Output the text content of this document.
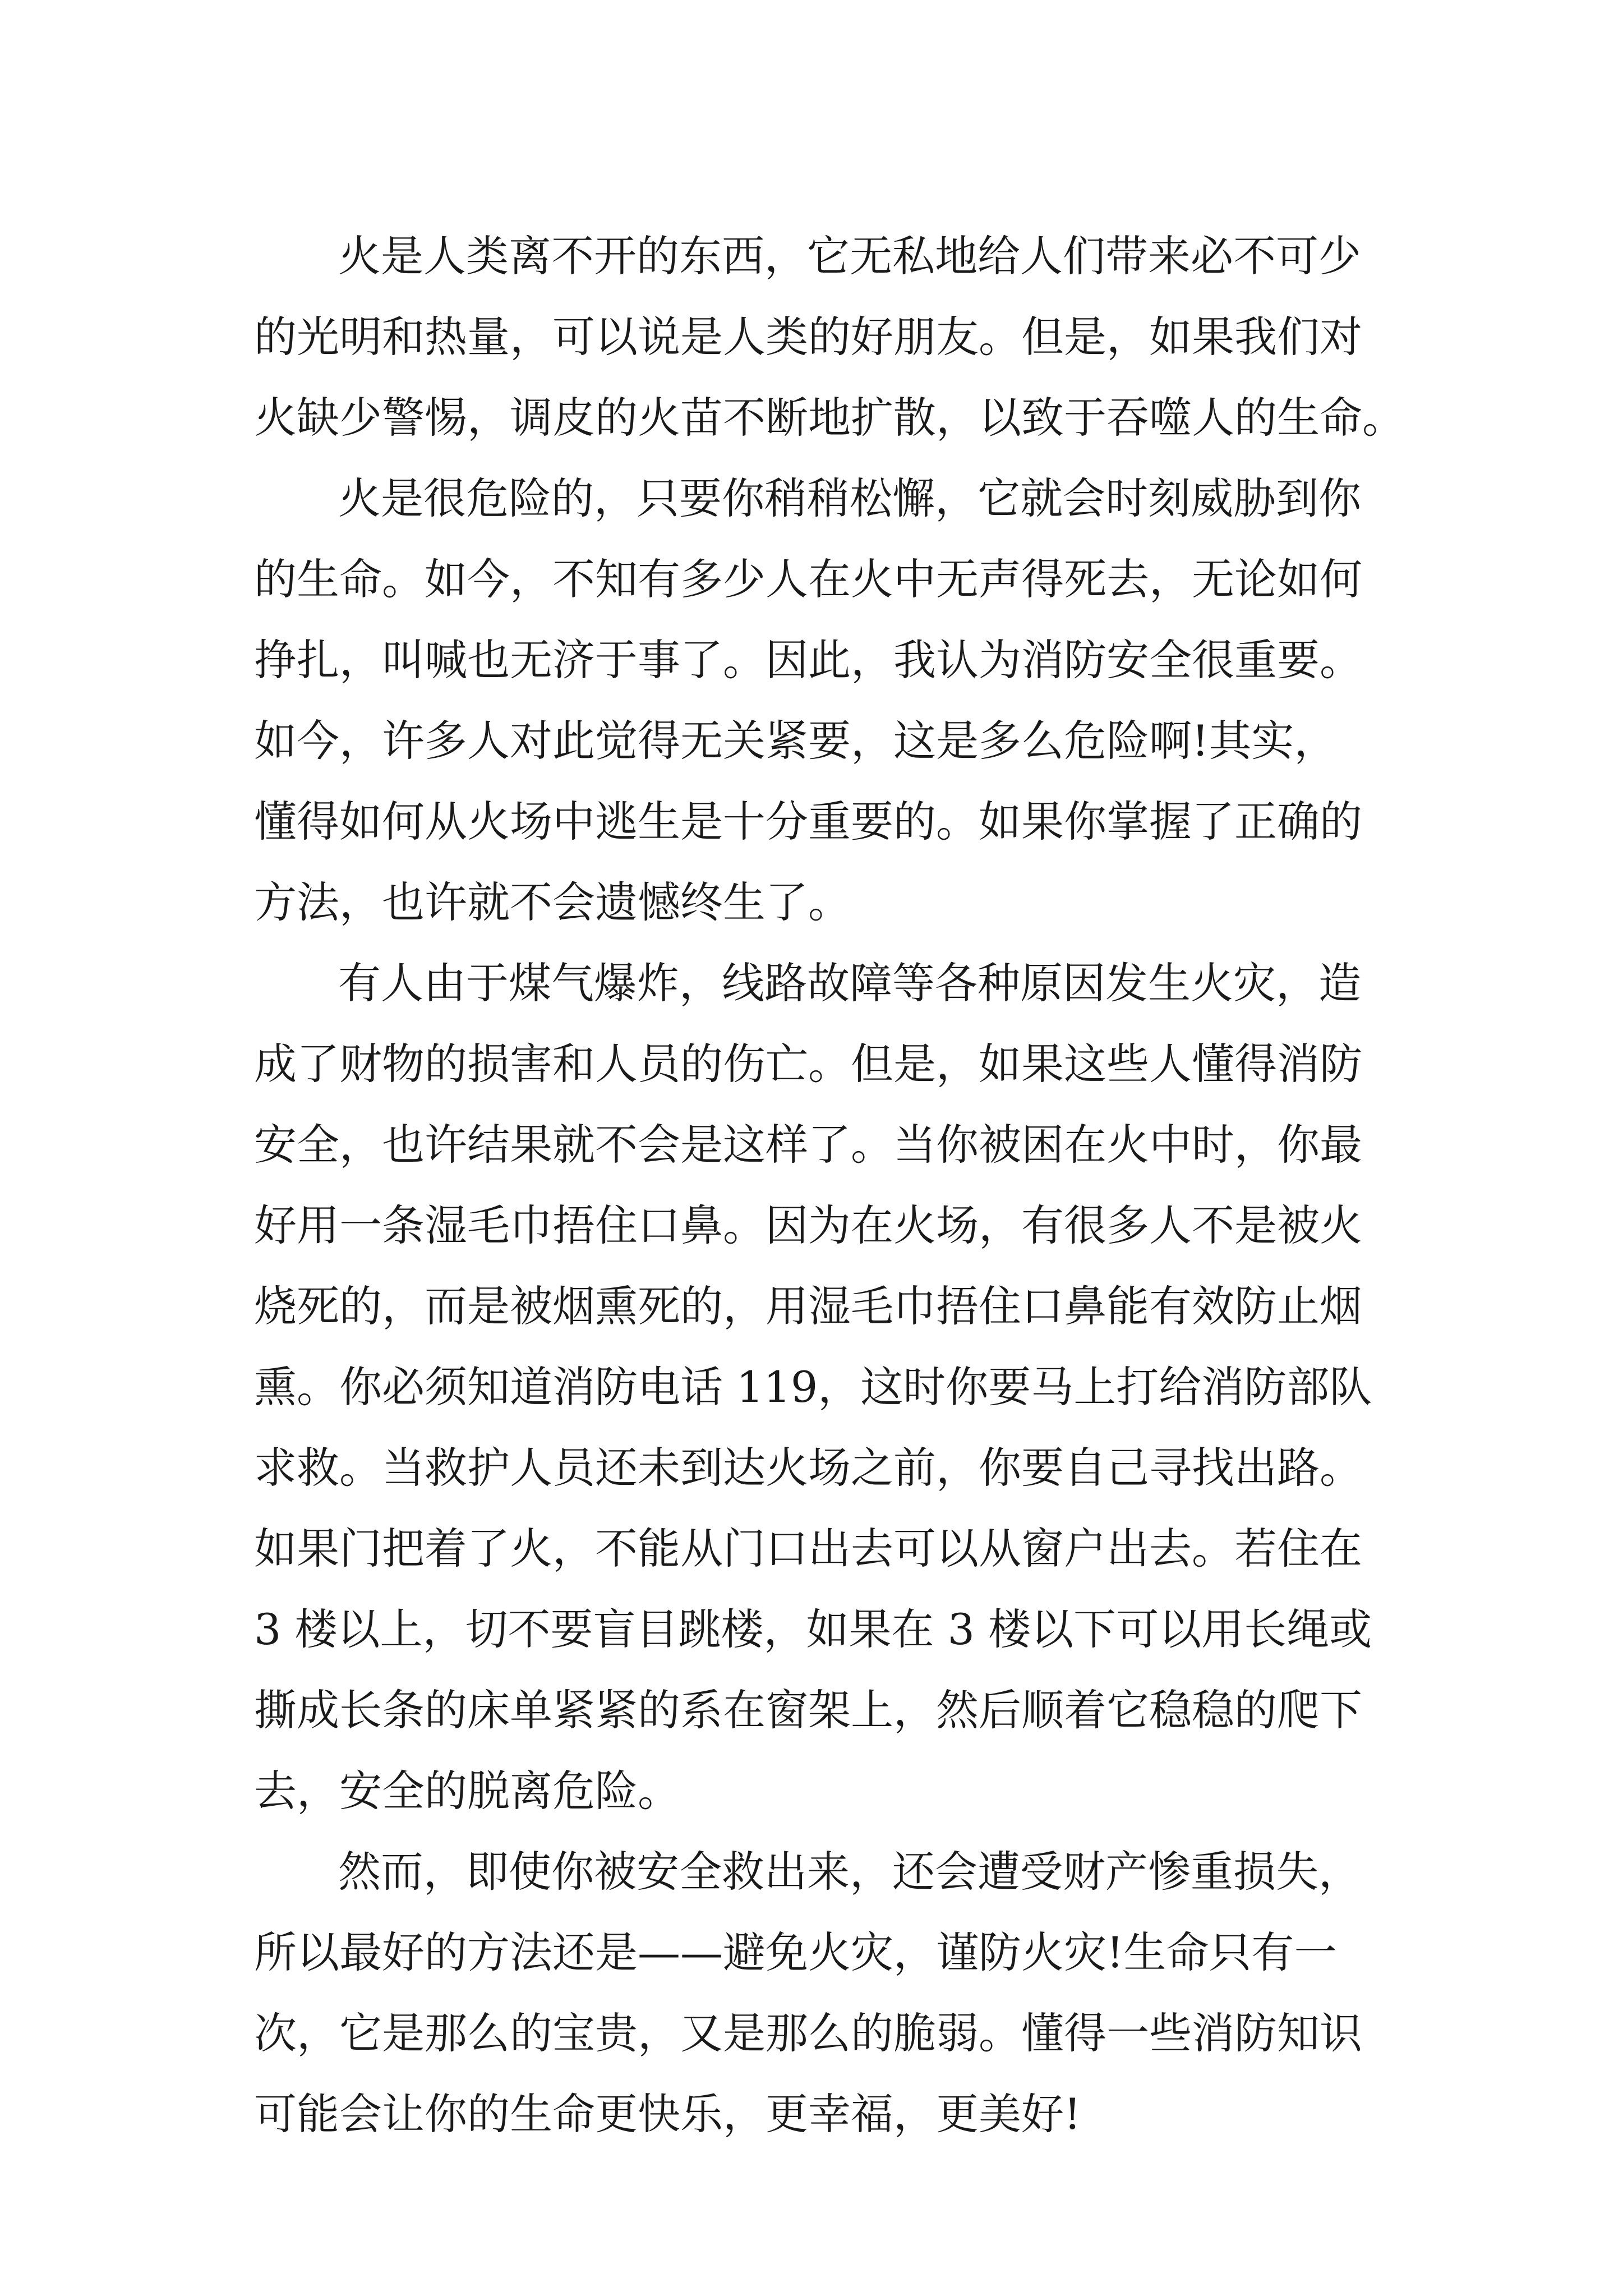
火是人类离不开的东西，它无私地给人们带来必不可少
的光明和热量，可以说是人类的好朋友。但是，如果我们对
火缺少警惕，调皮的火苗不断地扩散，以致于吞噬人的生命。
火是很危险的，只要你稍稍松懈，它就会时刻威胁到你
的生命。如今，不知有多少人在火中无声得死去，无论如何
挣扎，叫喊也无济于事了。因此，我认为消防安全很重要。
如今，许多人对此觉得无关紧要，这是多么危险啊!其实，
懂得如何从火场中逃生是十分重要的。如果你掌握了正确的
方法，也许就不会遗憾终生了。
有人由于煤气爆炸，线路故障等各种原因发生火灾，造
成了财物的损害和人员的伤亡。但是，如果这些人懂得消防
安全，也许结果就不会是这样了。当你被困在火中时，你最
好用一条湿毛巾捂住口鼻。因为在火场，有很多人不是被火
烧死的，而是被烟熏死的，用湿毛巾捂住口鼻能有效防止烟
熏。你必须知道消防电话 119，这时你要马上打给消防部队
求救。当救护人员还未到达火场之前，你要自己寻找出路。
如果门把着了火，不能从门口出去可以从窗户出去。若住在
3 楼以上，切不要盲目跳楼，如果在 3 楼以下可以用长绳或
撕成长条的床单紧紧的系在窗架上，然后顺着它稳稳的爬下
去，安全的脱离危险。
然而，即使你被安全救出来，还会遭受财产惨重损失，
所以最好的方法还是——避免火灾，谨防火灾!生命只有一
次，它是那么的宝贵，又是那么的脆弱。懂得一些消防知识
可能会让你的生命更快乐，更幸福，更美好!
